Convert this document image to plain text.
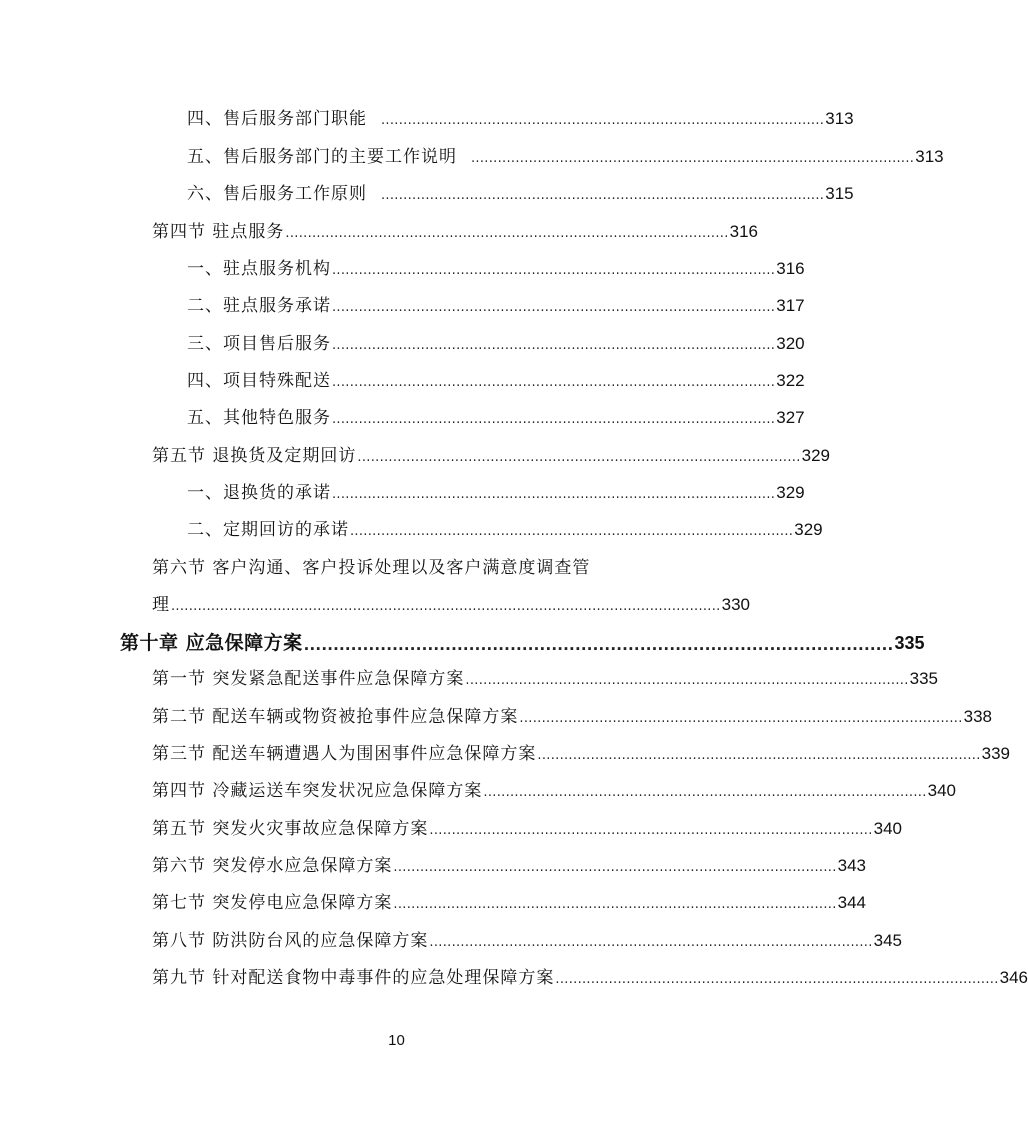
四、售后服务部门职能 .................................................................................................... 313
五、售后服务部门的主要工作说明 .................................................................................................... 313
六、售后服务工作原则 .................................................................................................... 315
第四节 驻点服务 .................................................................................................... 316
一、驻点服务机构 .................................................................................................... 316
二、驻点服务承诺 .................................................................................................... 317
三、项目售后服务 .................................................................................................... 320
四、项目特殊配送 .................................................................................................... 322
五、其他特色服务 .................................................................................................... 327
第五节 退换货及定期回访 .................................................................................................... 329
一、退换货的承诺 .................................................................................................... 329
二、定期回访的承诺 .................................................................................................... 329
第六节 客户沟通、客户投诉处理以及客户满意度调查管
理 ............................................................................................................................ 330
第十章 应急保障方案 .................................................................................................... 335
第一节 突发紧急配送事件应急保障方案 .................................................................................................... 335
第二节 配送车辆或物资被抢事件应急保障方案 .................................................................................................... 338
第三节 配送车辆遭遇人为围困事件应急保障方案 .................................................................................................... 339
第四节 冷藏运送车突发状况应急保障方案 .................................................................................................... 340
第五节 突发火灾事故应急保障方案 .................................................................................................... 340
第六节 突发停水应急保障方案 .................................................................................................... 343
第七节 突发停电应急保障方案 .................................................................................................... 344
第八节 防洪防台风的应急保障方案 .................................................................................................... 345
第九节 针对配送食物中毒事件的应急处理保障方案 .................................................................................................... 346
10
